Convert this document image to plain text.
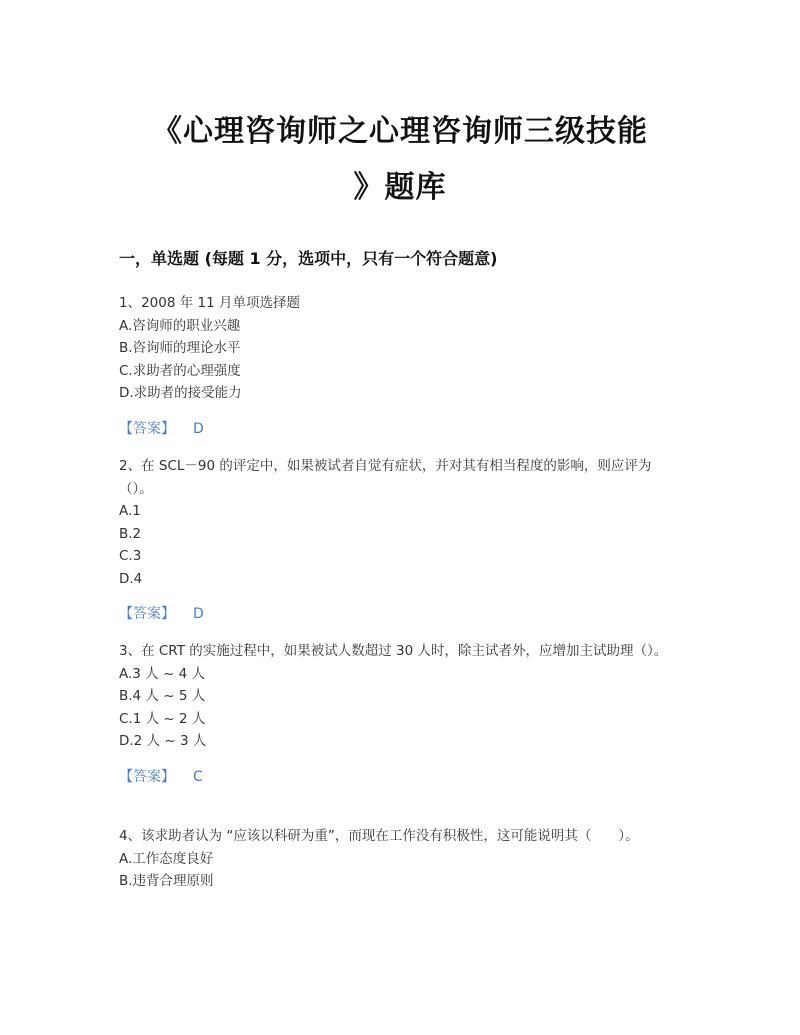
《心理咨询师之心理咨询师三级技能
》题库
一，单选题 (每题 1 分，选项中，只有一个符合题意)
1、2008 年 11 月单项选择题
A.咨询师的职业兴趣
B.咨询师的理论水平
C.求助者的心理强度
D.求助者的接受能力
【答案】 D
2、在 SCL－90 的评定中，如果被试者自觉有症状，并对其有相当程度的影响，则应评为（）。
A.1
B.2
C.3
D.4
【答案】 D
3、在 CRT 的实施过程中，如果被试人数超过 30 人时，除主试者外，应增加主试助理（）。
A.3 人 ~ 4 人
B.4 人 ~ 5 人
C.1 人 ~ 2 人
D.2 人 ~ 3 人
【答案】 C
4、该求助者认为 “应该以科研为重”，而现在工作没有积极性，这可能说明其（　　）。
A.工作态度良好
B.违背合理原则
